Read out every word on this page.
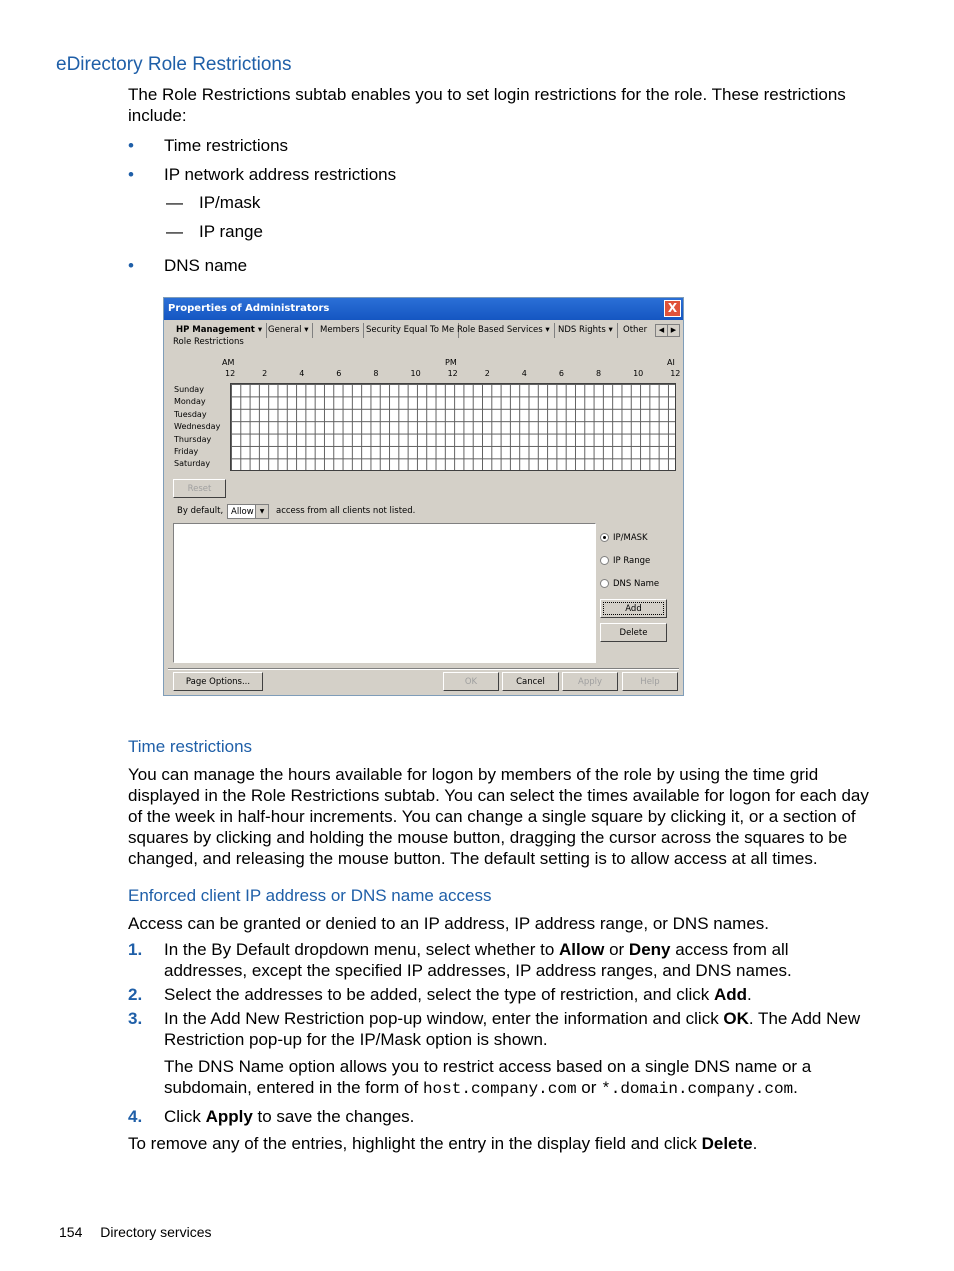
eDirectory Role Restrictions
The Role Restrictions subtab enables you to set login restrictions for the role. These restrictions include:
• Time restrictions
• IP network address restrictions
— IP/mask
— IP range
• DNS name
Properties of Administrators	X
HP Management ▾ General ▾	Members Security Equal To Me Role Based Services ▾ NDS Rights ▾	Other	◀ ▶
Role Restrictions
AM	PM	AI
12	2	4	6	8	10	12	2	4	6	8	10	12
Sunday
Monday
Tuesday
Wednesday
Thursday
Friday
Saturday
Reset
By default, Allow ▼	access from all clients not listed.
IP/MASK
IP Range
DNS Name
Add
Delete
Page Options...	OK	Cancel	Apply	Help
Time restrictions
You can manage the hours available for logon by members of the role by using the time grid displayed in the Role Restrictions subtab. You can select the times available for logon for each day of the week in half-hour increments. You can change a single square by clicking it, or a section of squares by clicking and holding the mouse button, dragging the cursor across the squares to be changed, and releasing the mouse button. The default setting is to allow access at all times.
Enforced client IP address or DNS name access
Access can be granted or denied to an IP address, IP address range, or DNS names.
1. In the By Default dropdown menu, select whether to Allow or Deny access from all addresses, except the specified IP addresses, IP address ranges, and DNS names.
2. Select the addresses to be added, select the type of restriction, and click Add.
3. In the Add New Restriction pop-up window, enter the information and click OK. The Add New Restriction pop-up for the IP/Mask option is shown.
The DNS Name option allows you to restrict access based on a single DNS name or a subdomain, entered in the form of host.company.com or *.domain.company.com.
4. Click Apply to save the changes.
To remove any of the entries, highlight the entry in the display field and click Delete.
154 Directory services
